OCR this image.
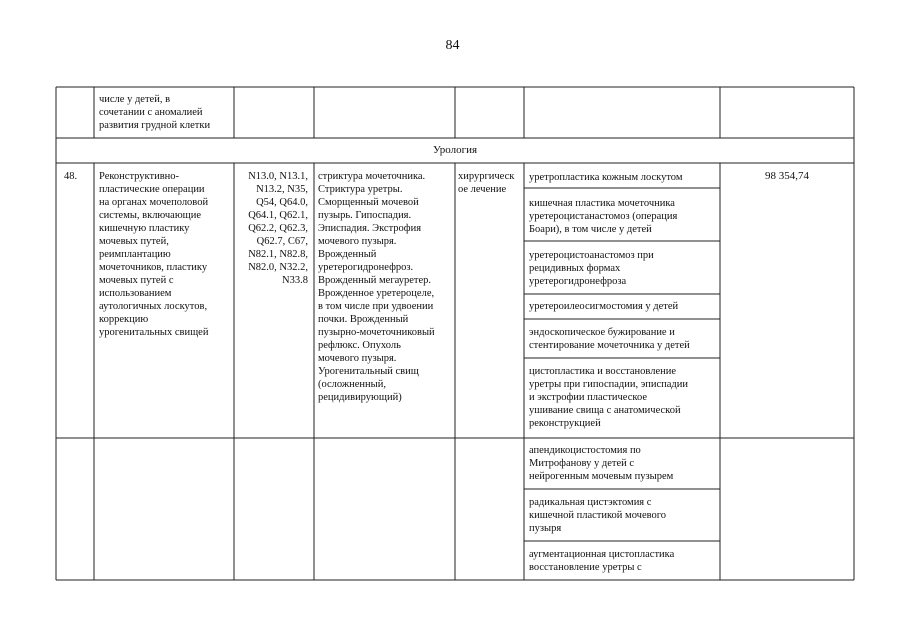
84
числе у детей, в
сочетании с аномалией
развития грудной клетки
Урология
48.	Реконструктивно-
пластические операции
на органах мочеполовой
системы, включающие
кишечную пластику
мочевых путей,
реимплантацию
мочеточников, пластику
мочевых путей с
использованием
аутологичных лоскутов,
коррекцию
урогенитальных свищей
N13.0, N13.1,
N13.2, N35,
Q54, Q64.0,
Q64.1, Q62.1,
Q62.2, Q62.3,
Q62.7, C67,
N82.1, N82.8,
N82.0, N32.2,
N33.8
стриктура мочеточника.
Стриктура уретры.
Сморщенный мочевой
пузырь. Гипоспадия.
Эписпадия. Экстрофия
мочевого пузыря.
Врожденный
уретерогидронефроз.
Врожденный мегауретер.
Врожденное уретероцеле,
в том числе при удвоении
почки. Врожденный
пузырно-мочеточниковый
рефлюкс. Опухоль
мочевого пузыря.
Урогенитальный свищ
(осложненный,
рецидивирующий)
хирургическ
ое лечение
98 354,74
уретропластика кожным лоскутом
кишечная пластика мочеточника
уретероцистанастомоз (операция
Боари), в том числе у детей
уретероцистоанастомоз при
рецидивных формах
уретерогидронефроза
уретероилеосигмостомия у детей
эндоскопическое бужирование и
стентирование мочеточника у детей
цистопластика и восстановление
уретры при гипоспадии, эписпадии
и экстрофии пластическое
ушивание свища с анатомической
реконструкцией
апендикоцистостомия по
Митрофанову у детей с
нейрогенным мочевым пузырем
радикальная цистэктомия с
кишечной пластикой мочевого
пузыря
аугментационная цистопластика
восстановление уретры с
